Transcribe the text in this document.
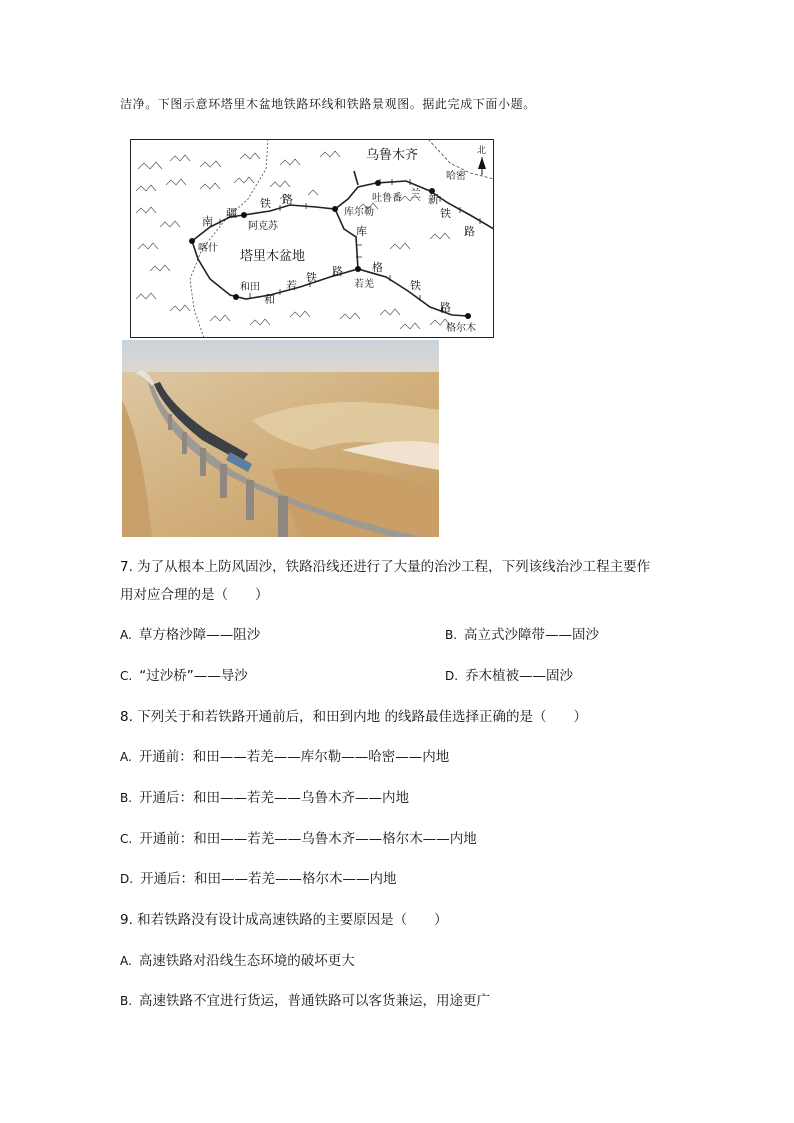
洁净。下图示意环塔里木盆地铁路环线和铁路景观图。据此完成下面小题。
乌鲁木齐
哈密
北
吐鲁番
库尔勒
阿克苏
喀什
塔里木盆地
和田	若羌
格尔木
南
疆
铁 路	兰 新
铁
路
库
格
铁
路
和
若
铁 路
7. 为了从根本上防风固沙，铁路沿线还进行了大量的治沙工程，下列该线治沙工程主要作
用对应合理的是（　　）
A. 草方格沙障——阻沙	B. 高立式沙障带——固沙
C. “过沙桥”——导沙	D. 乔木植被——固沙
8. 下列关于和若铁路开通前后，和田到内地 的线路最佳选择正确的是（　　）
A. 开通前：和田——若羌——库尔勒——哈密——内地
B. 开通后：和田——若羌——乌鲁木齐——内地
C. 开通前：和田——若羌——乌鲁木齐——格尔木——内地
D. 开通后：和田——若羌——格尔木——内地
9. 和若铁路没有设计成高速铁路的主要原因是（　　）
A. 高速铁路对沿线生态环境的破坏更大
B. 高速铁路不宜进行货运，普通铁路可以客货兼运，用途更广
